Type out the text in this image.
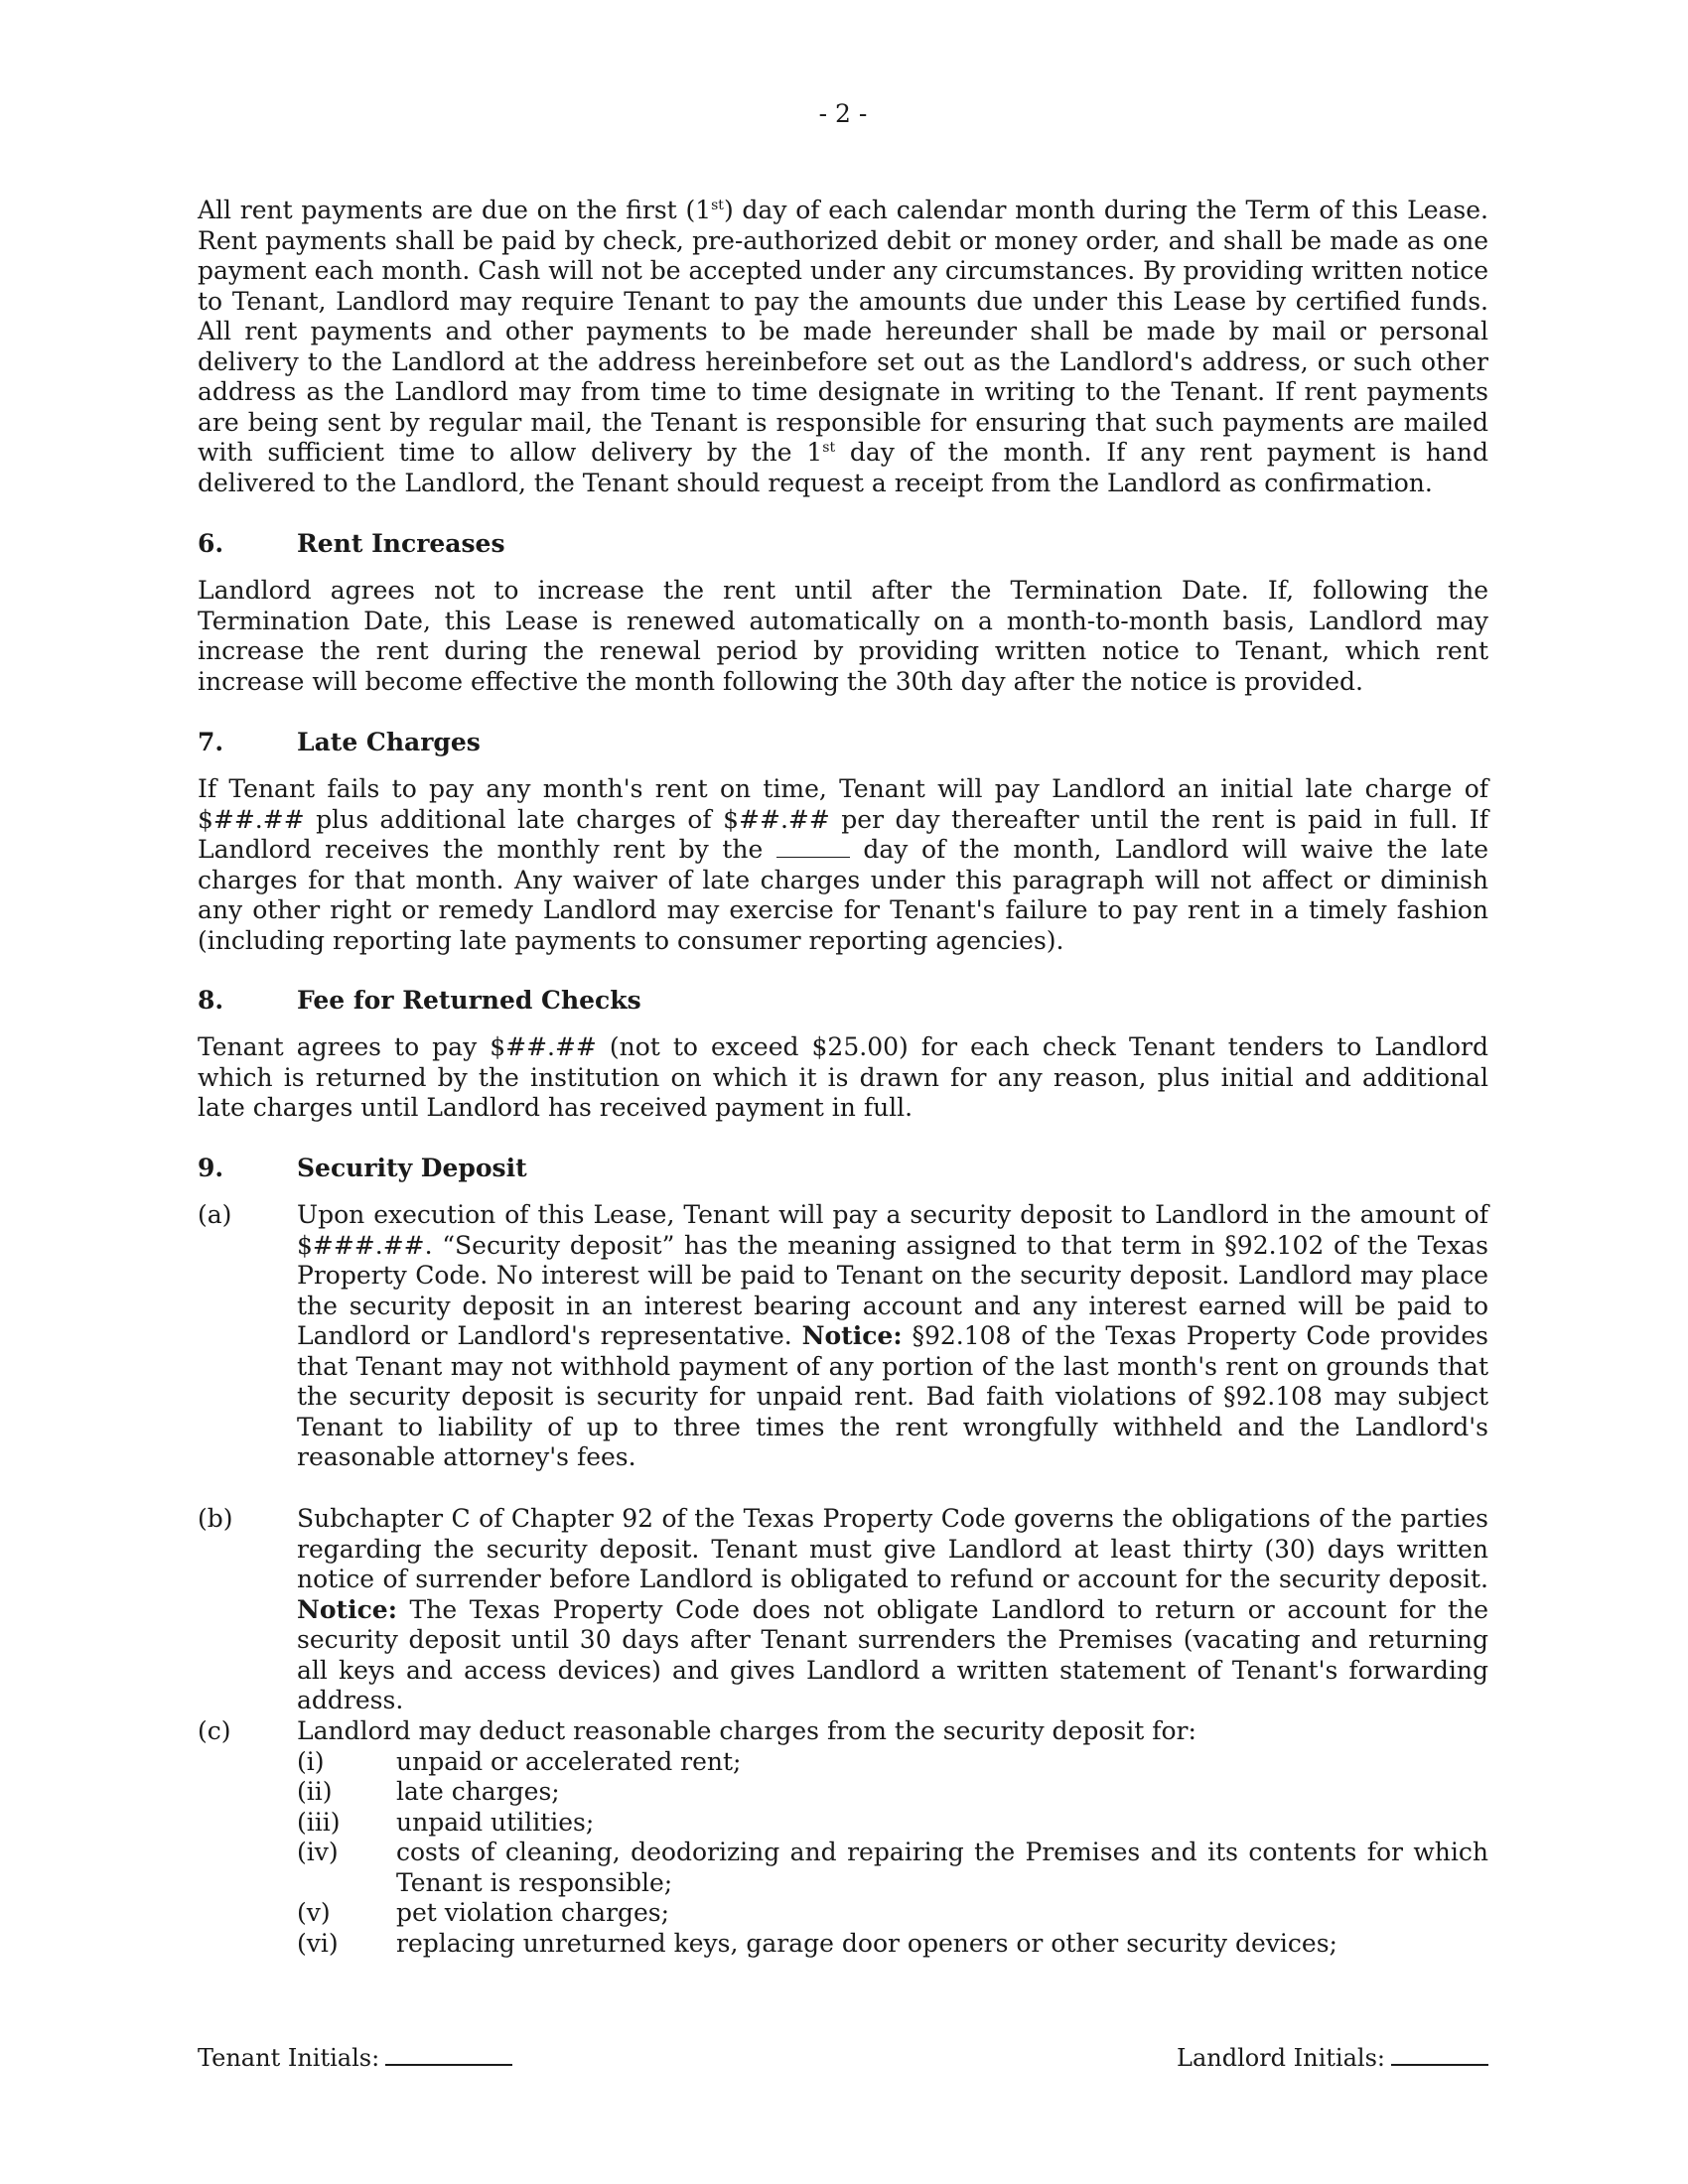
- 2 -

All rent payments are due on the first (1st) day of each calendar month during the Term of this Lease. Rent payments shall be paid by check, pre-authorized debit or money order, and shall be made as one payment each month. Cash will not be accepted under any circumstances. By providing written notice to Tenant, Landlord may require Tenant to pay the amounts due under this Lease by certified funds. All rent payments and other payments to be made hereunder shall be made by mail or personal delivery to the Landlord at the address hereinbefore set out as the Landlord's address, or such other address as the Landlord may from time to time designate in writing to the Tenant. If rent payments are being sent by regular mail, the Tenant is responsible for ensuring that such payments are mailed with sufficient time to allow delivery by the 1st day of the month. If any rent payment is hand delivered to the Landlord, the Tenant should request a receipt from the Landlord as confirmation.

6.	Rent Increases

Landlord agrees not to increase the rent until after the Termination Date. If, following the Termination Date, this Lease is renewed automatically on a month-to-month basis, Landlord may increase the rent during the renewal period by providing written notice to Tenant, which rent increase will become effective the month following the 30th day after the notice is provided.

7.	Late Charges

If Tenant fails to pay any month's rent on time, Tenant will pay Landlord an initial late charge of $##.## plus additional late charges of $##.## per day thereafter until the rent is paid in full. If Landlord receives the monthly rent by the	day of the month, Landlord will waive the late charges for that month. Any waiver of late charges under this paragraph will not affect or diminish any other right or remedy Landlord may exercise for Tenant's failure to pay rent in a timely fashion (including reporting late payments to consumer reporting agencies).

8.	Fee for Returned Checks

Tenant agrees to pay $##.## (not to exceed $25.00) for each check Tenant tenders to Landlord which is returned by the institution on which it is drawn for any reason, plus initial and additional late charges until Landlord has received payment in full.

9.	Security Deposit
(a)	Upon execution of this Lease, Tenant will pay a security deposit to Landlord in the amount of $###.##. “Security deposit” has the meaning assigned to that term in §92.102 of the Texas Property Code. No interest will be paid to Tenant on the security deposit. Landlord may place the security deposit in an interest bearing account and any interest earned will be paid to Landlord or Landlord's representative. Notice: §92.108 of the Texas Property Code provides that Tenant may not withhold payment of any portion of the last month's rent on grounds that the security deposit is security for unpaid rent. Bad faith violations of §92.108 may subject Tenant to liability of up to three times the rent wrongfully withheld and the Landlord's reasonable attorney's fees.
(b)	Subchapter C of Chapter 92 of the Texas Property Code governs the obligations of the parties regarding the security deposit. Tenant must give Landlord at least thirty (30) days written notice of surrender before Landlord is obligated to refund or account for the security deposit. Notice: The Texas Property Code does not obligate Landlord to return or account for the security deposit until 30 days after Tenant surrenders the Premises (vacating and returning all keys and access devices) and gives Landlord a written statement of Tenant's forwarding address.
(c)	Landlord may deduct reasonable charges from the security deposit for:
(i)	unpaid or accelerated rent;
(ii)	late charges;
(iii)	unpaid utilities;
(iv)	costs of cleaning, deodorizing and repairing the Premises and its contents for which Tenant is responsible;
(v)	pet violation charges;
(vi)	replacing unreturned keys, garage door openers or other security devices;
Tenant Initials:	Landlord Initials:
